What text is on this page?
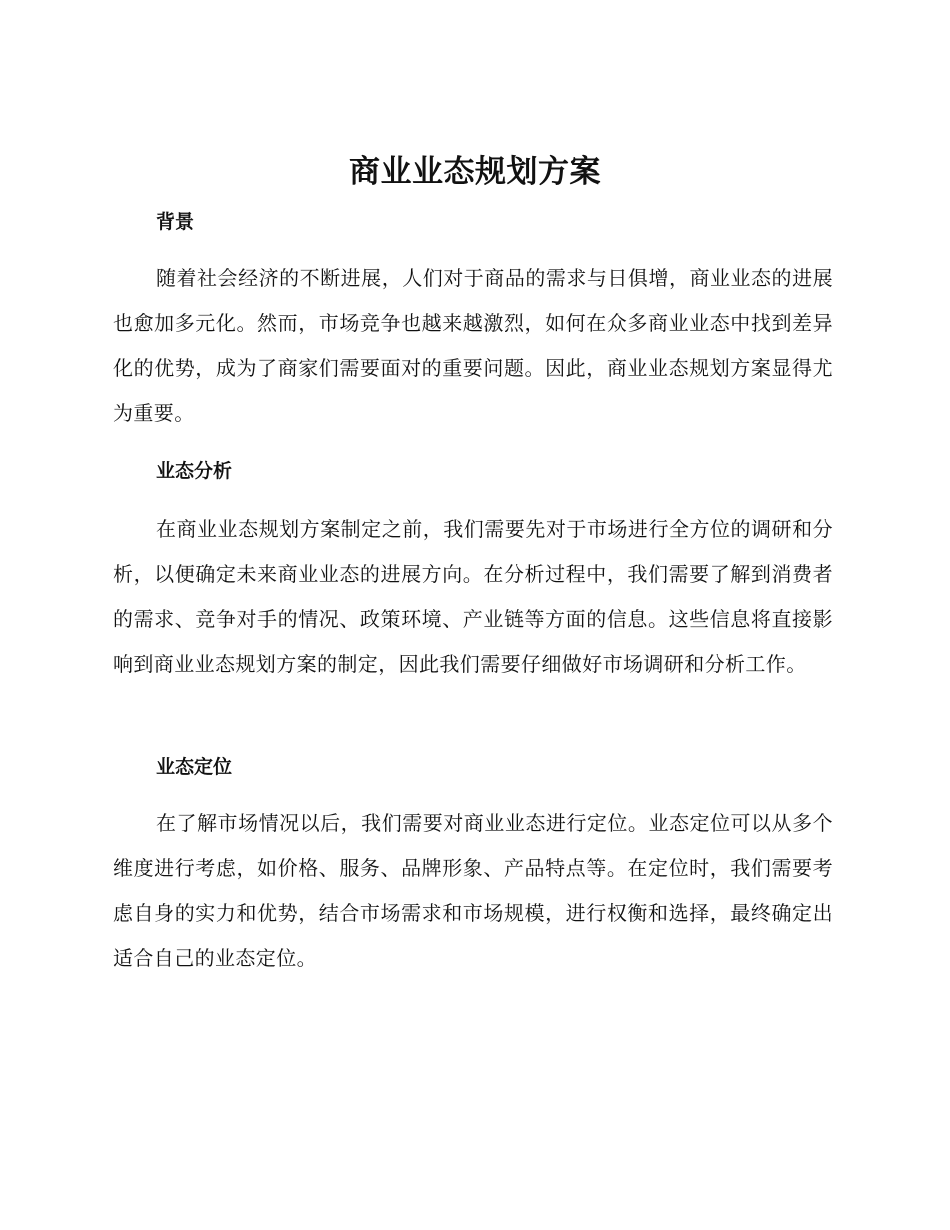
商业业态规划方案
背景
随着社会经济的不断进展，人们对于商品的需求与日俱增，商业业态的进展也愈加多元化。然而，市场竞争也越来越激烈，如何在众多商业业态中找到差异化的优势，成为了商家们需要面对的重要问题。因此，商业业态规划方案显得尤为重要。
业态分析
在商业业态规划方案制定之前，我们需要先对于市场进行全方位的调研和分析，以便确定未来商业业态的进展方向。在分析过程中，我们需要了解到消费者的需求、竞争对手的情况、政策环境、产业链等方面的信息。这些信息将直接影响到商业业态规划方案的制定，因此我们需要仔细做好市场调研和分析工作。
业态定位
在了解市场情况以后，我们需要对商业业态进行定位。业态定位可以从多个维度进行考虑，如价格、服务、品牌形象、产品特点等。在定位时，我们需要考虑自身的实力和优势，结合市场需求和市场规模，进行权衡和选择，最终确定出适合自己的业态定位。
